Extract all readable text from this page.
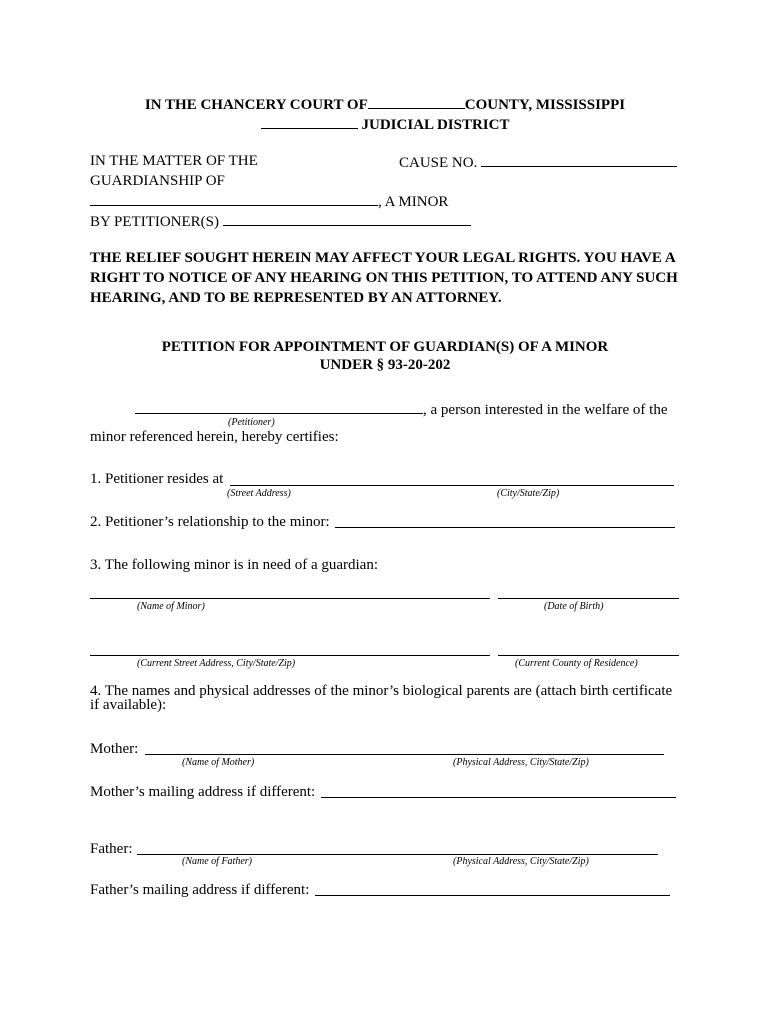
IN THE CHANCERY COURT OF	COUNTY, MISSISSIPPI
JUDICIAL DISTRICT
IN THE MATTER OF THE
GUARDIANSHIP OF
, A MINOR
BY PETITIONER(S)
CAUSE NO.
THE RELIEF SOUGHT HEREIN MAY AFFECT YOUR LEGAL RIGHTS. YOU HAVE A
RIGHT TO NOTICE OF ANY HEARING ON THIS PETITION, TO ATTEND ANY SUCH
HEARING, AND TO BE REPRESENTED BY AN ATTORNEY.
PETITION FOR APPOINTMENT OF GUARDIAN(S) OF A MINOR
UNDER § 93-20-202
, a person interested in the welfare of the
(Petitioner)
minor referenced herein, hereby certifies:
1. Petitioner resides at
(Street Address)	(City/State/Zip)
2. Petitioner’s relationship to the minor:
3. The following minor is in need of a guardian:
(Name of Minor)	(Date of Birth)
(Current Street Address, City/State/Zip)	(Current County of Residence)
4. The names and physical addresses of the minor’s biological parents are (attach birth certificate
if available):
Mother:
(Name of Mother)	(Physical Address, City/State/Zip)
Mother’s mailing address if different:
Father:
(Name of Father)	(Physical Address, City/State/Zip)
Father’s mailing address if different:
